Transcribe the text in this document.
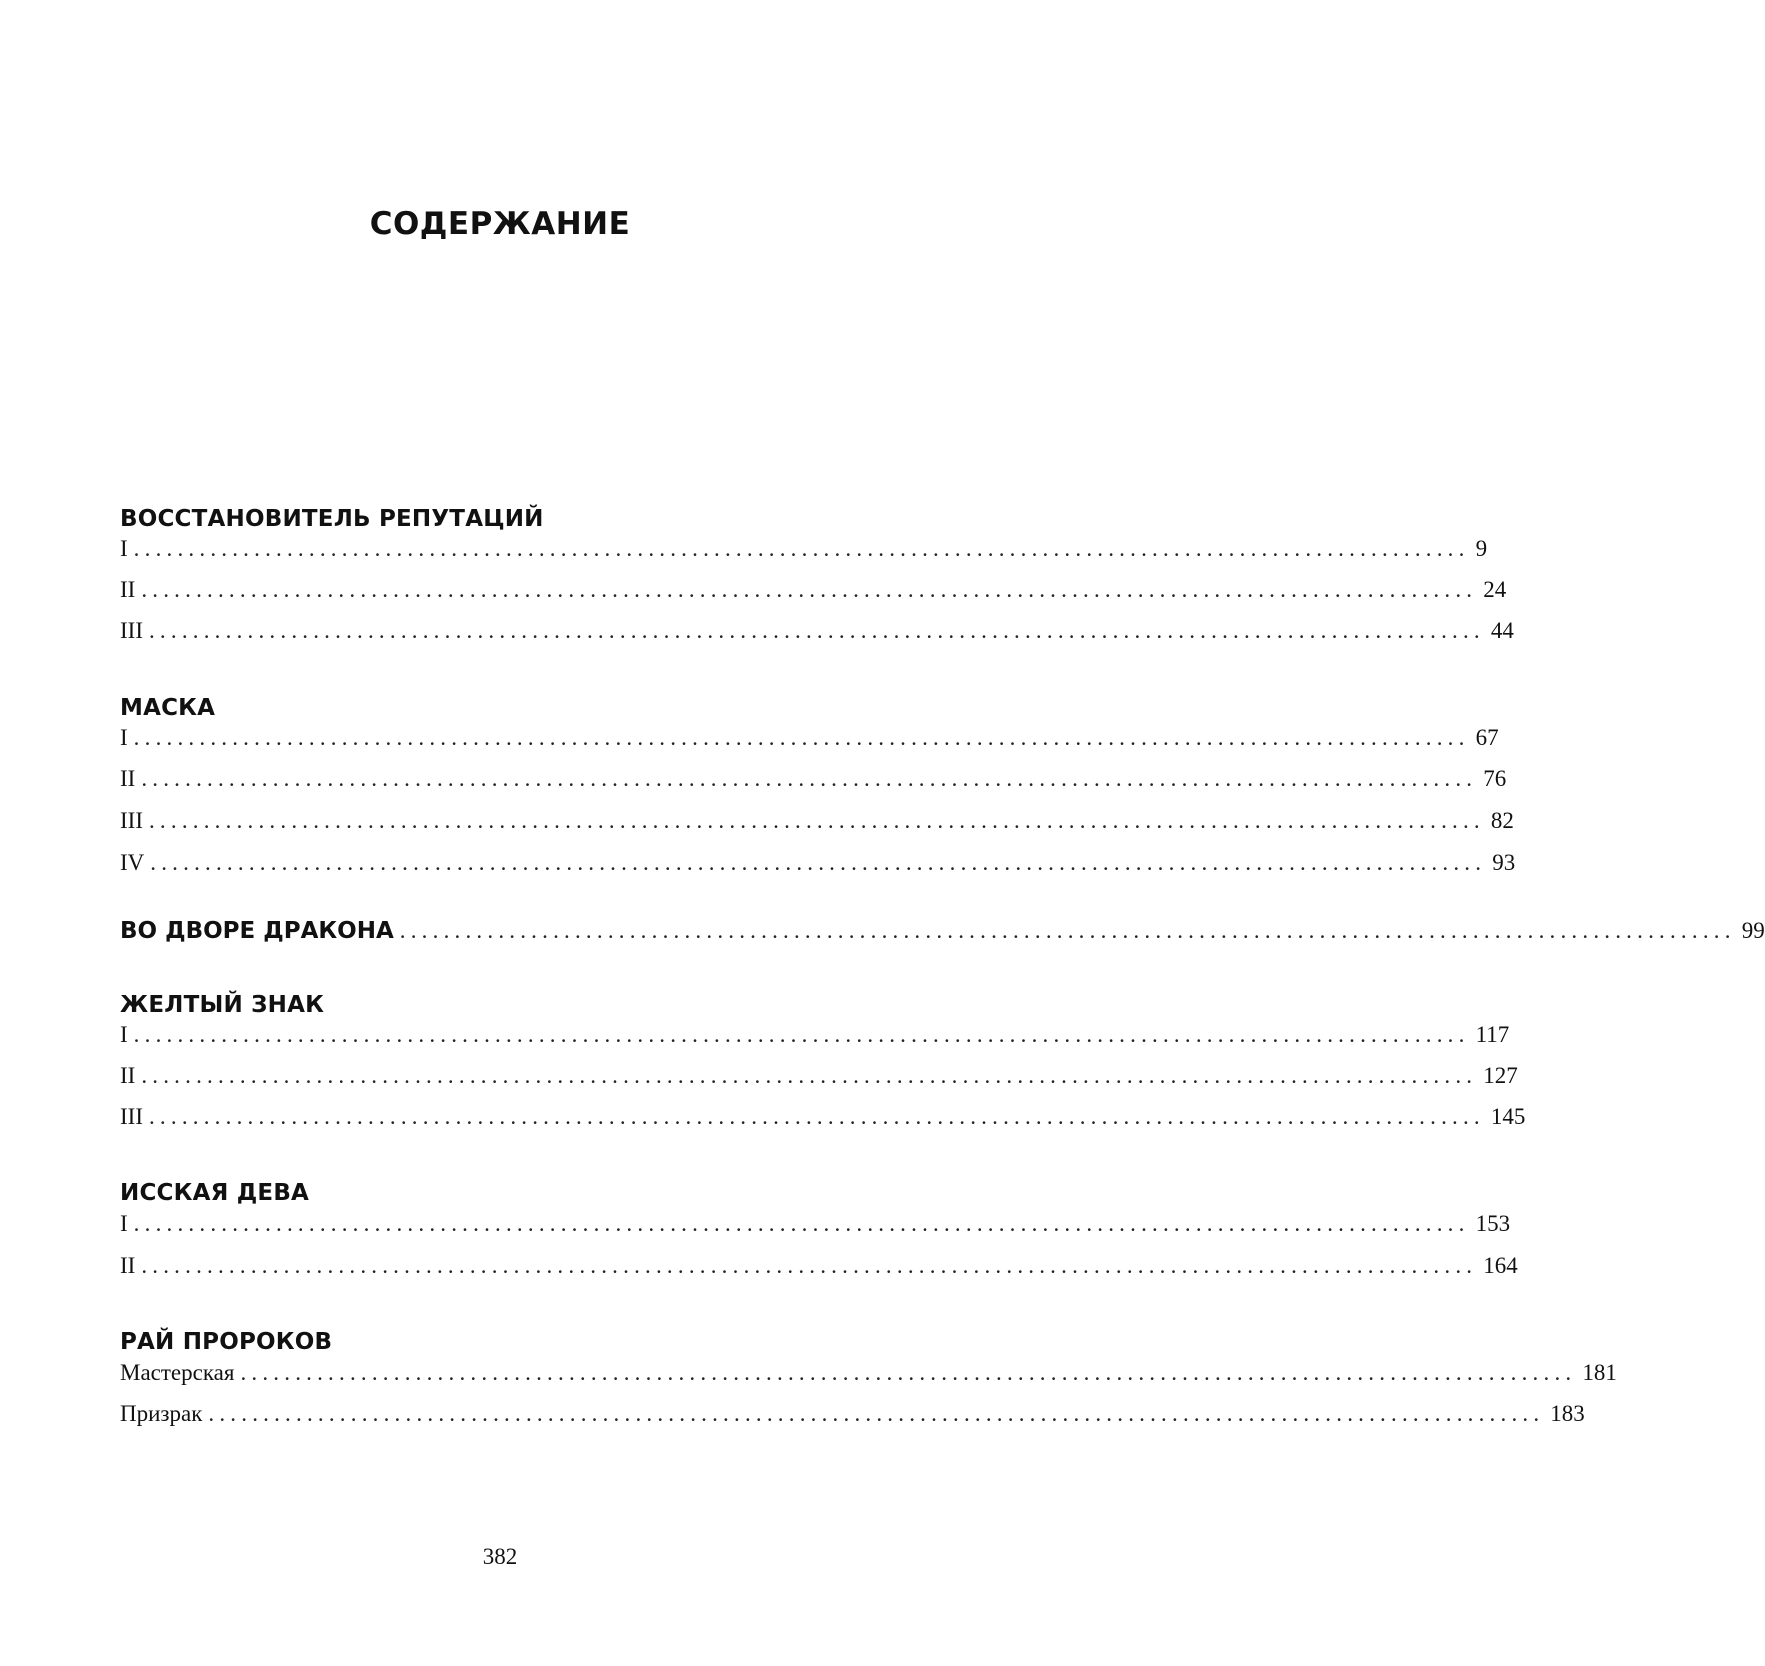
СОДЕРЖАНИЕ
ВОССТАНОВИТЕЛЬ РЕПУТАЦИЙ
I .......................................................................................................................... 9
II .......................................................................................................................... 24
III .......................................................................................................................... 44
МАСКА
I .......................................................................................................................... 67
II .......................................................................................................................... 76
III .......................................................................................................................... 82
IV .......................................................................................................................... 93
ВО ДВОРЕ ДРАКОНА .......................................................................................................................... 99
ЖЕЛТЫЙ ЗНАК
I .......................................................................................................................... 117
II .......................................................................................................................... 127
III .......................................................................................................................... 145
ИССКАЯ ДЕВА
I .......................................................................................................................... 153
II .......................................................................................................................... 164
РАЙ ПРОРОКОВ
Мастерская .......................................................................................................................... 181
Призрак .......................................................................................................................... 183
382
